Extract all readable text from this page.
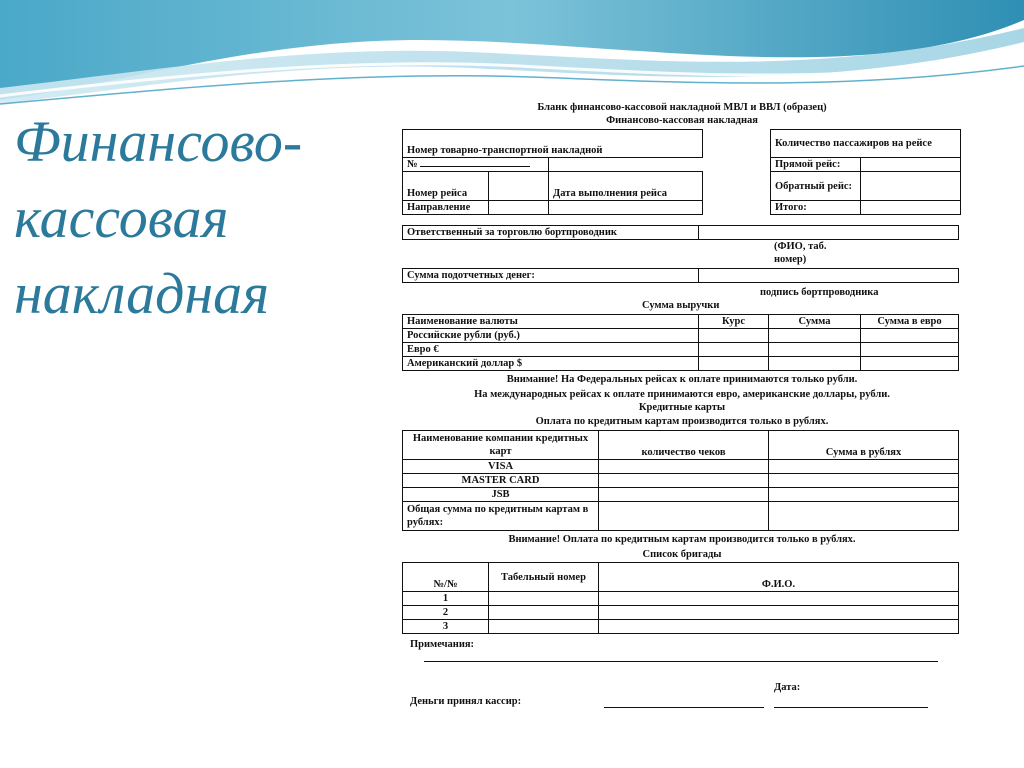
Финансово-
кассовая
накладная
Бланк финансово-кассовой накладной МВЛ и ВВЛ (образец)
Финансово-кассовая накладная
Номер товарно-транспортной накладной		
№		
Номер рейса		Дата выполнения рейса
Направление		
Количество пассажиров на рейсе	
Прямой рейс:	
Обратный рейс:	
Итого:	
Ответственный за торговлю бортпроводник	
(ФИО, таб. номер)
Сумма подотчетных денег:	
подпись бортпроводника
Сумма выручки
Наименование валюты	Курс	Сумма	Сумма в евро
Российские рубли (руб.)			
Евро €			
Американский доллар $			
Внимание! На Федеральных рейсах к оплате принимаются только рубли.
На международных рейсах к оплате принимаются евро, американские доллары, рубли.
Кредитные карты
Оплата по кредитным картам производится только в рублях.
Наименование компании кредитных карт	количество чеков	Сумма в рублях
VISA		
MASTER CARD		
JSB		
Общая сумма по кредитным картам в рублях:		
Внимание! Оплата по кредитным картам производится только в рублях.
Список бригады
№/№	Табельный номер	Ф.И.О.
1		
2		
3		
Примечания:
Дата:
Деньги принял кассир:
